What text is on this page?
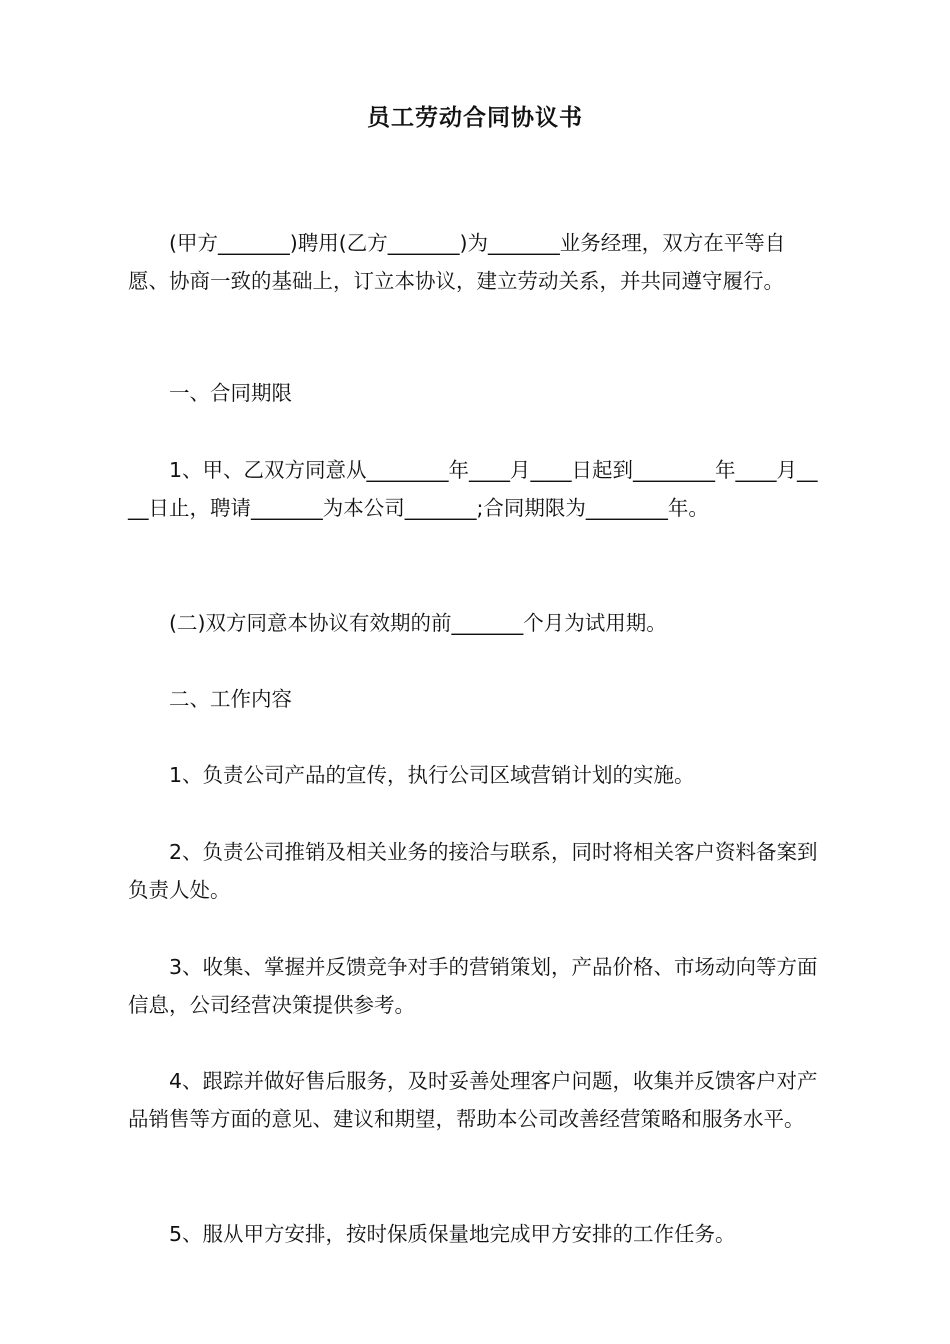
员工劳动合同协议书

(甲方_______)聘用(乙方_______)为_______业务经理，双方在平等自愿、协商一致的基础上，订立本协议，建立劳动关系，并共同遵守履行。

一、合同期限

1、甲、乙双方同意从________年____月____日起到________年____月____日止，聘请_______为本公司_______;合同期限为________年。

(二)双方同意本协议有效期的前_______个月为试用期。

二、工作内容

1、负责公司产品的宣传，执行公司区域营销计划的实施。

2、负责公司推销及相关业务的接洽与联系，同时将相关客户资料备案到负责人处。

3、收集、掌握并反馈竞争对手的营销策划，产品价格、市场动向等方面信息，公司经营决策提供参考。

4、跟踪并做好售后服务，及时妥善处理客户问题，收集并反馈客户对产品销售等方面的意见、建议和期望，帮助本公司改善经营策略和服务水平。

5、服从甲方安排，按时保质保量地完成甲方安排的工作任务。
